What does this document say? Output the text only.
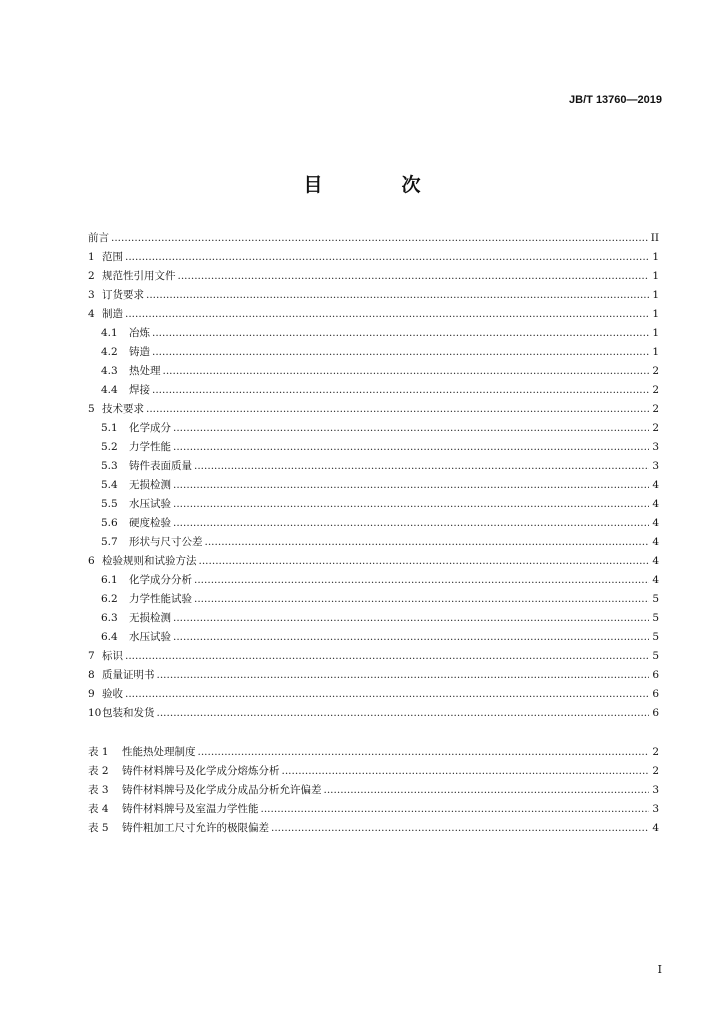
JB/T 13760—2019
目　次
前言 .....	II
1 范围 .....	1
2 规范性引用文件 .....	1
3 订货要求 .....	1
4 制造 .....	1
4.1	冶炼 .....	1
4.2	铸造 .....	1
4.3	热处理 .....	2
4.4	焊接 .....	2
5 技术要求 .....	2
5.1	化学成分 .....	2
5.2	力学性能 .....	3
5.3	铸件表面质量 .....	3
5.4	无损检测 .....	4
5.5	水压试验 .....	4
5.6	硬度检验 .....	4
5.7	形状与尺寸公差 .....	4
6 检验规则和试验方法 .....	4
6.1	化学成分分析 .....	4
6.2	力学性能试验 .....	5
6.3	无损检测 .....	5
6.4	水压试验 .....	5
7 标识 .....	5
8 质量证明书 .....	6
9 验收 .....	6
10 包装和发货 .....	6
表 1	性能热处理制度 .....	2
表 2	铸件材料牌号及化学成分熔炼分析 .....	2
表 3	铸件材料牌号及化学成分成品分析允许偏差 .....	3
表 4	铸件材料牌号及室温力学性能 .....	3
表 5	铸件粗加工尺寸允许的极限偏差 .....	4
I
